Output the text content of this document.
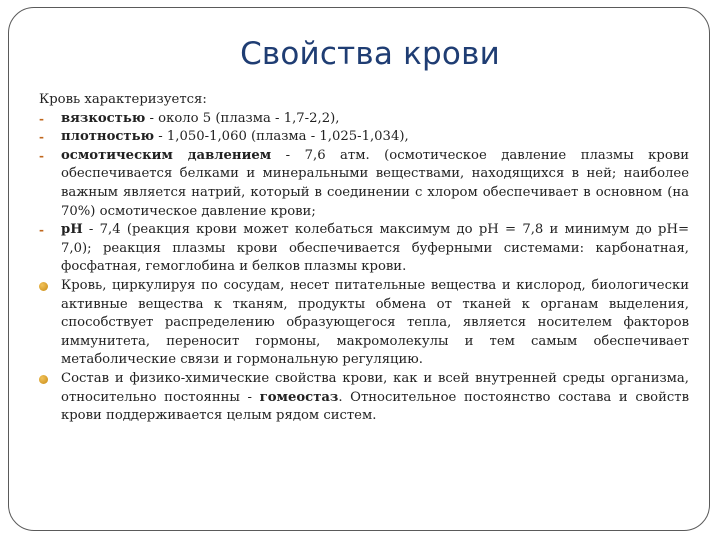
Свойства крови

Кровь характеризуется:

-
вязкостью - около 5 (плазма - 1,7-2,2),

-
плотностью - 1,050-1,060 (плазма - 1,025-1,034),

-
осмотическим давлением - 7,6 атм. (осмотическое давление плазмы крови обеспечивается белками и минеральными веществами, находящихся в ней; наиболее важным является натрий, который в соединении с хлором обеспечивает в основном (на 70%) осмотическое давление крови;

-
рН - 7,4 (реакция крови может колебаться максимум до рН = 7,8 и минимум до рН= 7,0); реакция плазмы крови обеспечивается буферными системами: карбонатная, фосфатная, гемоглобина и белков плазмы крови.

Кровь, циркулируя по сосудам, несет питательные вещества и кислород, биологически активные вещества к тканям, продукты обмена от тканей к органам выделения, способствует распределению образующегося тепла, является носителем факторов иммунитета, переносит гормоны, макромолекулы и тем самым обеспечивает метаболические связи и гормональную регуляцию.

Состав и физико-химические свойства крови, как и всей внутренней среды организма, относительно постоянны - гомеостаз. Относительное постоянство состава и свойств крови поддерживается целым рядом систем.
